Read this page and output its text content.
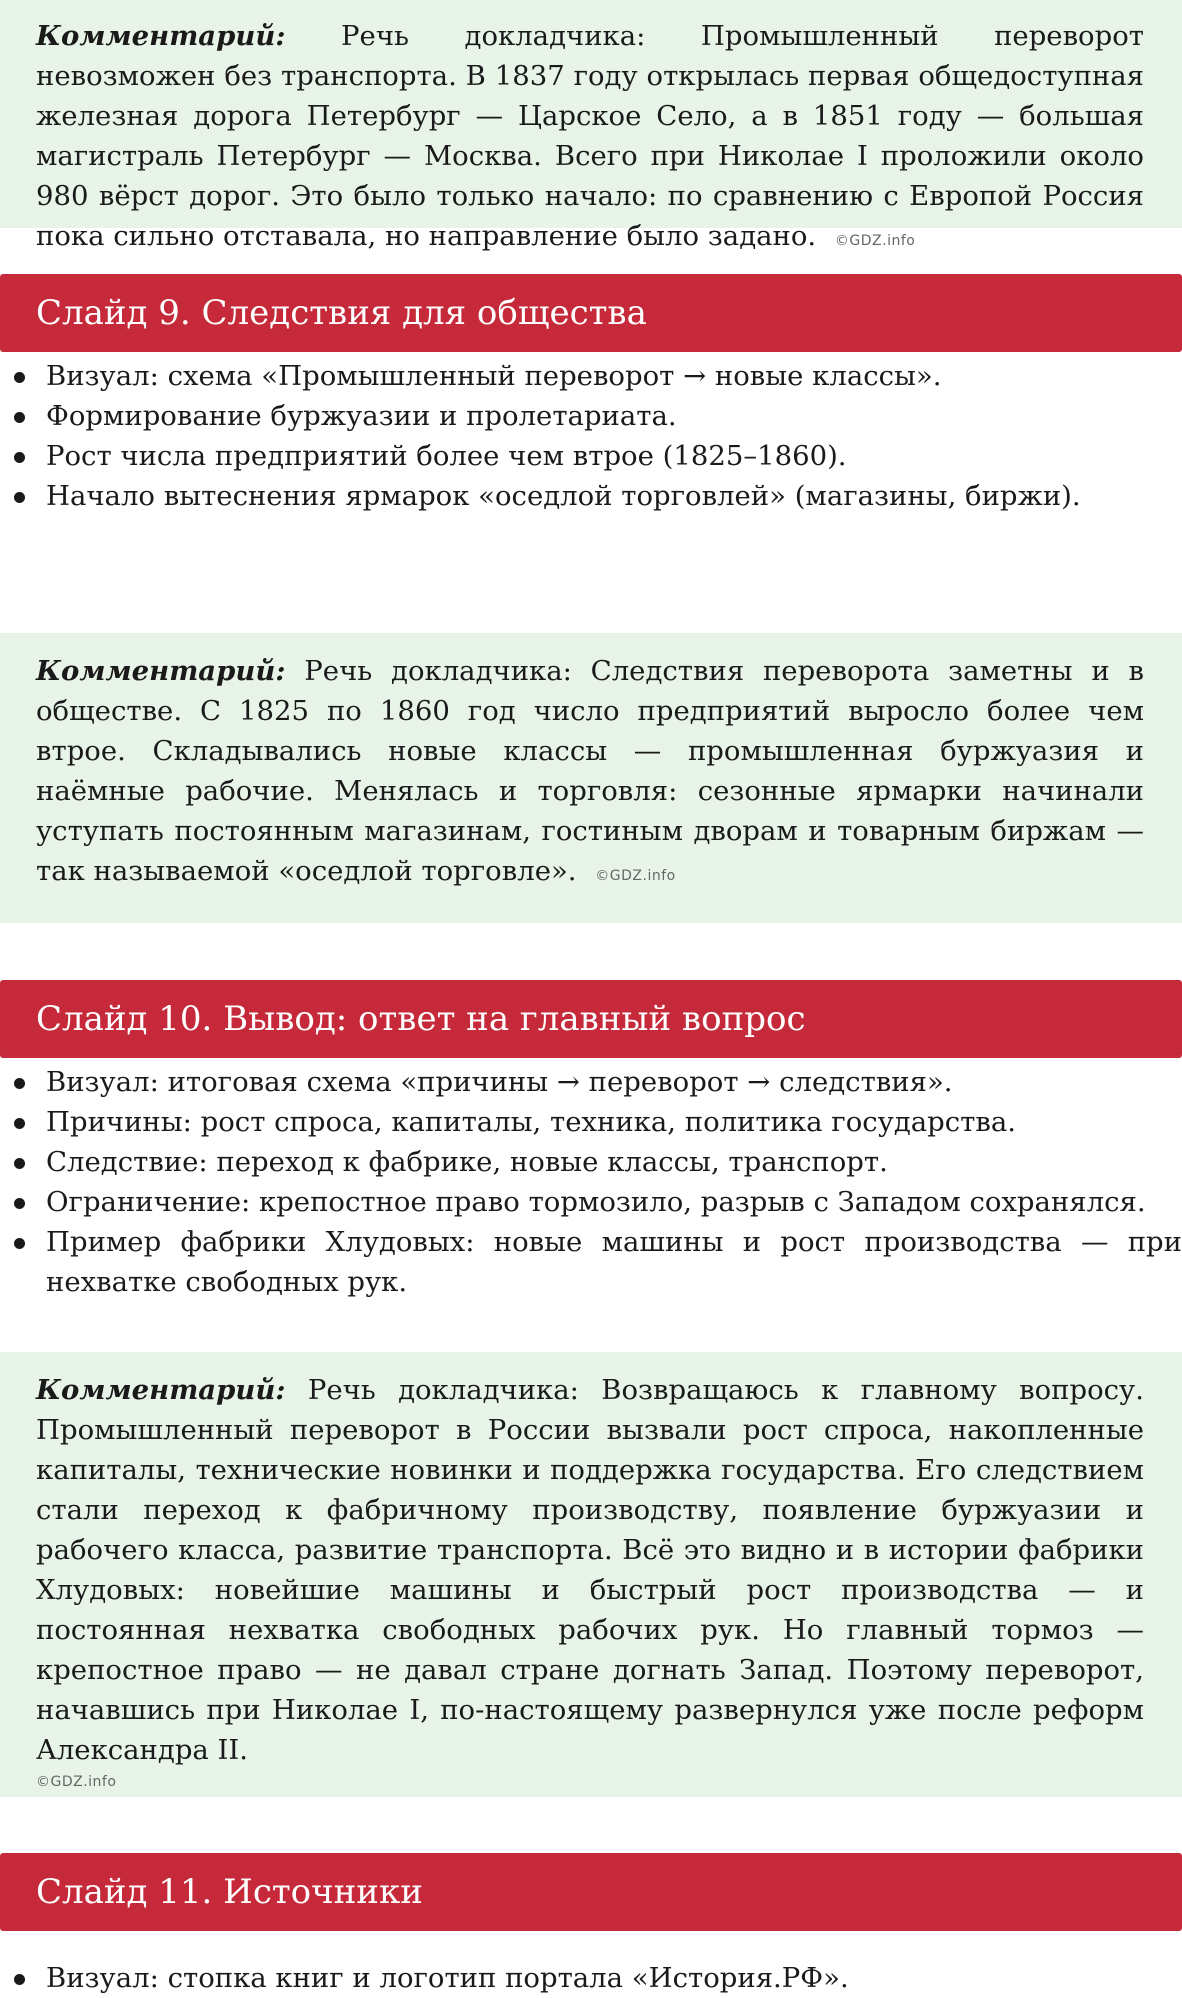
Комментарий: Речь докладчика: Промышленный переворот невозможен без транспорта. В 1837 году открылась первая общедоступная железная дорога Петербург — Царское Село, а в 1851 году — большая магистраль Петербург — Москва. Всего при Николае I проложили около 980 вёрст дорог. Это было только начало: по сравнению с Европой Россия пока сильно отставала, но направление было задано. ©GDZ.info
Слайд 9. Следствия для общества
Визуал: схема «Промышленный переворот → новые классы».
Формирование буржуазии и пролетариата.
Рост числа предприятий более чем втрое (1825–1860).
Начало вытеснения ярмарок «оседлой торговлей» (магазины, биржи).
Комментарий: Речь докладчика: Следствия переворота заметны и в обществе. С 1825 по 1860 год число предприятий выросло более чем втрое. Складывались новые классы — промышленная буржуазия и наёмные рабочие. Менялась и торговля: сезонные ярмарки начинали уступать постоянным магазинам, гостиным дворам и товарным биржам — так называемой «оседлой торговле». ©GDZ.info
Слайд 10. Вывод: ответ на главный вопрос
Визуал: итоговая схема «причины → переворот → следствия».
Причины: рост спроса, капиталы, техника, политика государства.
Следствие: переход к фабрике, новые классы, транспорт.
Ограничение: крепостное право тормозило, разрыв с Западом сохранялся.
Пример фабрики Хлудовых: новые машины и рост производства — при нехватке свободных рук.
Комментарий: Речь докладчика: Возвращаюсь к главному вопросу. Промышленный переворот в России вызвали рост спроса, накопленные капиталы, технические новинки и поддержка государства. Его следствием стали переход к фабричному производству, появление буржуазии и рабочего класса, развитие транспорта. Всё это видно и в истории фабрики Хлудовых: новейшие машины и быстрый рост производства — и постоянная нехватка свободных рабочих рук. Но главный тормоз — крепостное право — не давал стране догнать Запад. Поэтому переворот, начавшись при Николае I, по-настоящему развернулся уже после реформ Александра II.
©GDZ.info
Слайд 11. Источники
Визуал: стопка книг и логотип портала «История.РФ».
